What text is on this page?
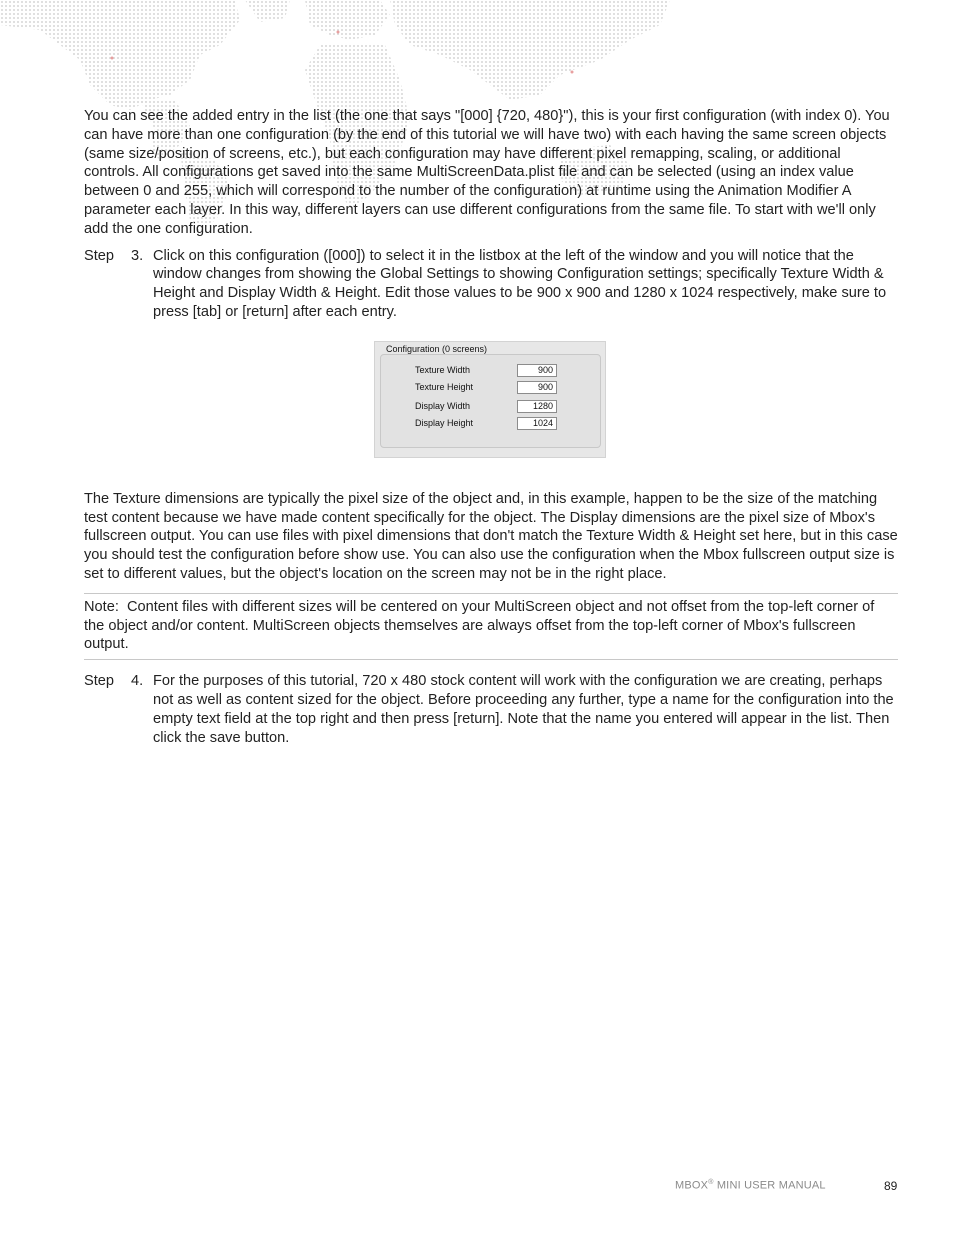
You can see the added entry in the list (the one that says "[000] {720, 480}"), this is your first configuration (with index 0). You can have more than one configuration (by the end of this tutorial we will have two) with each having the same screen objects (same size/position of screens, etc.), but each configuration may have different pixel remapping, scaling, or additional controls. All configurations get saved into the same MultiScreenData.plist file and can be selected (using an index value between 0 and 255, which will correspond to the number of the configuration) at runtime using the Animation Modifier A parameter each layer. In this way, different layers can use different configurations from the same file. To start with we'll only add the one configuration.

Step	3. Click on this configuration ([000]) to select it in the listbox at the left of the window and you will notice that the window changes from showing the Global Settings to showing Configuration settings; specifically Texture Width & Height and Display Width & Height. Edit those values to be 900 x 900 and 1280 x 1024 respectively, make sure to press [tab] or [return] after each entry.
Configuration (0 screens)
Texture Width	900
Texture Height	900
Display Width	1280
Display Height	1024

The Texture dimensions are typically the pixel size of the object and, in this example, happen to be the size of the matching test content because we have made content specifically for the object. The Display dimensions are the pixel size of Mbox's fullscreen output. You can use files with pixel dimensions that don't match the Texture Width & Height set here, but in this case you should test the configuration before show use. You can also use the configuration when the Mbox fullscreen output size is set to different values, but the object's location on the screen may not be in the right place.

Note: Content files with different sizes will be centered on your MultiScreen object and not offset from the top-left corner of the object and/or content. MultiScreen objects themselves are always offset from the top-left corner of Mbox's fullscreen output.
Step	4. For the purposes of this tutorial, 720 x 480 stock content will work with the configuration we are creating, perhaps not as well as content sized for the object. Before proceeding any further, type a name for the configuration into the empty text field at the top right and then press [return]. Note that the name you entered will appear in the list. Then click the save button.
MBOX® MINI USER MANUAL	89
